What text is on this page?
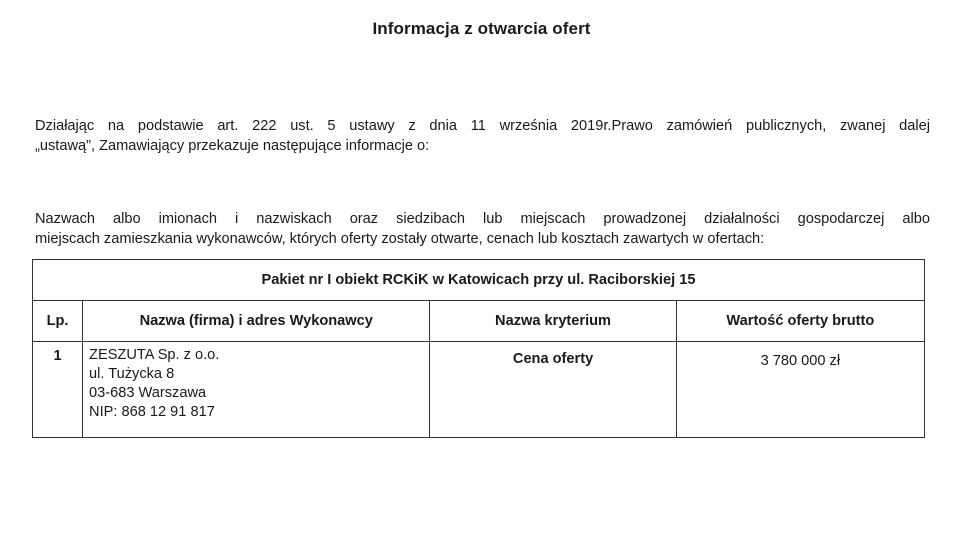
Informacja z otwarcia ofert
Działając na podstawie art. 222 ust. 5 ustawy z dnia 11 września 2019r.Prawo zamówień publicznych, zwanej dalej
„ustawą”, Zamawiający przekazuje następujące informacje o:
Nazwach albo imionach i nazwiskach oraz siedzibach lub miejscach prowadzonej działalności gospodarczej albo
miejscach zamieszkania wykonawców, których oferty zostały otwarte, cenach lub kosztach zawartych w ofertach:
Pakiet nr I obiekt RCKiK w Katowicach przy ul. Raciborskiej 15			
Lp.	Nazwa (firma) i adres Wykonawcy	Nazwa kryterium	Wartość oferty brutto
1	ZESZUTA Sp. z o.o.
ul. Tużycka 8
03-683 Warszawa
NIP: 868 12 91 817	Cena oferty	3 780 000 zł
